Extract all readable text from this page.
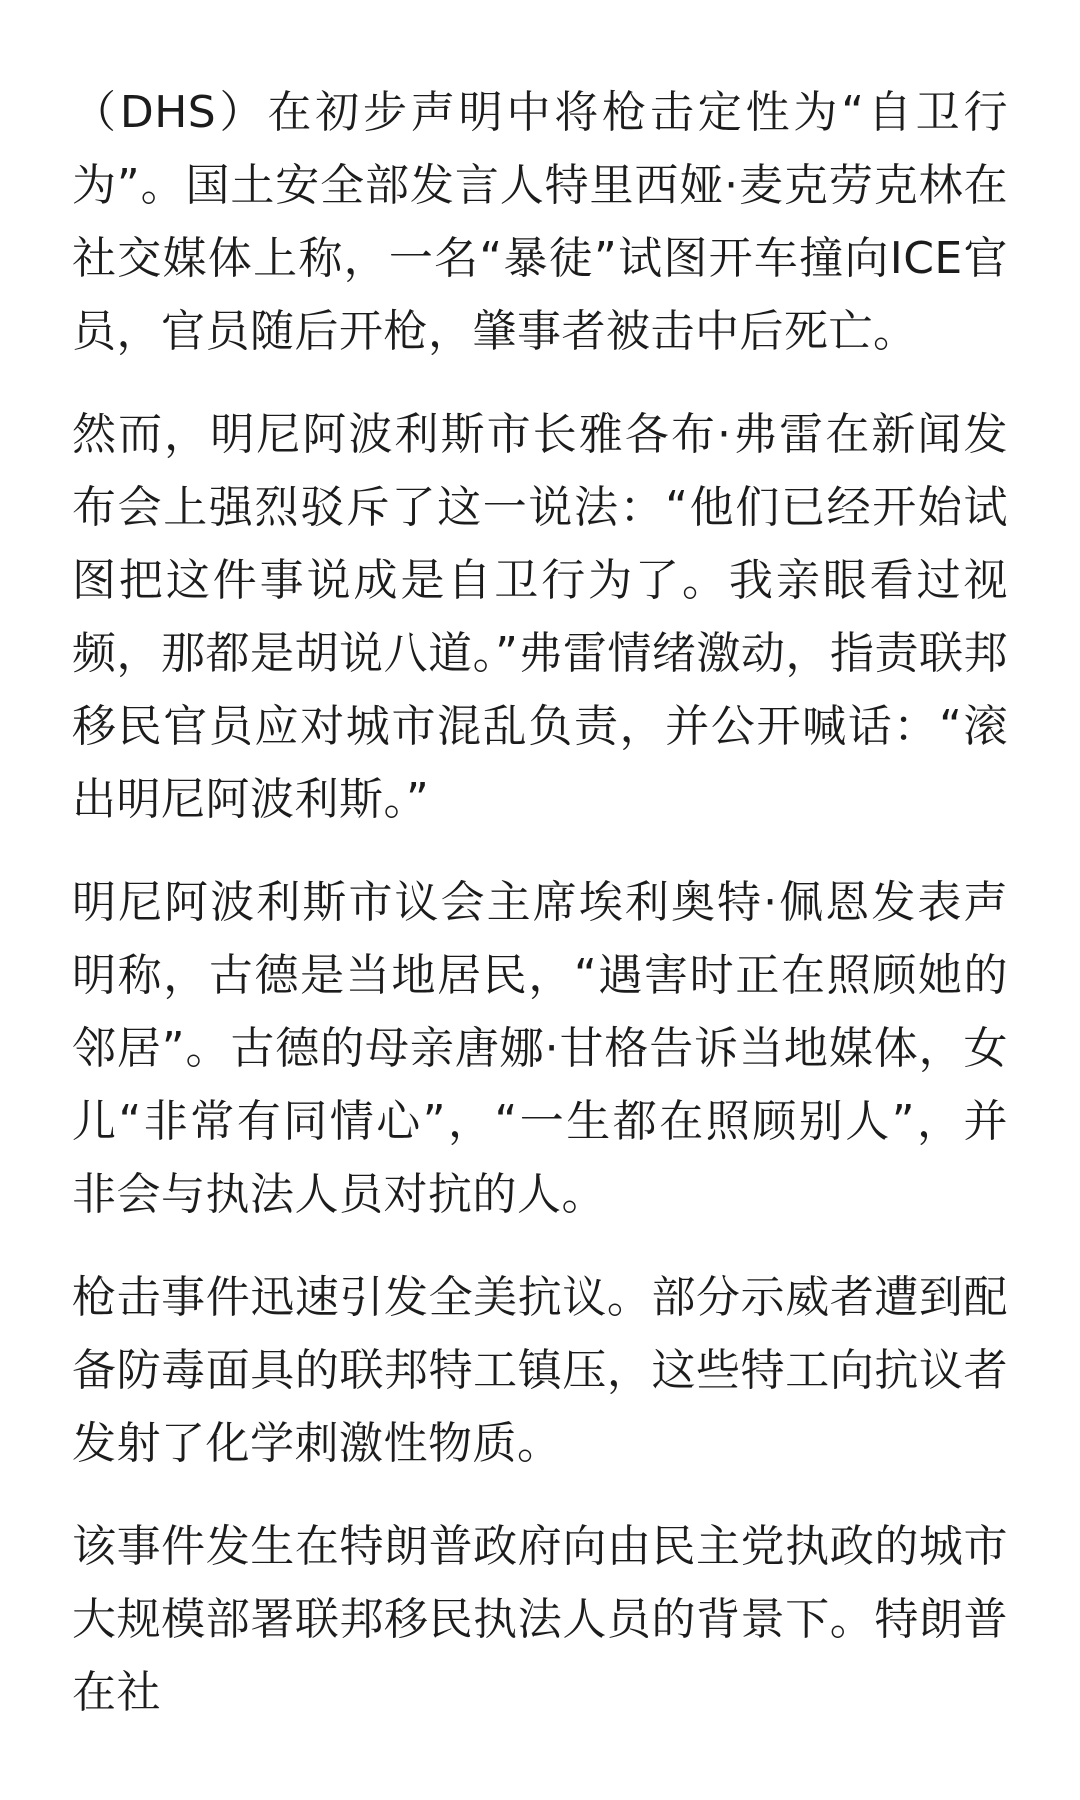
（DHS）在初步声明中将枪击定性为“自卫行为”。国土安全部发言人特里西娅·麦克劳克林在社交媒体上称，一名“暴徒”试图开车撞向ICE官员，官员随后开枪，肇事者被击中后死亡。

然而，明尼阿波利斯市长雅各布·弗雷在新闻发布会上强烈驳斥了这一说法：“他们已经开始试图把这件事说成是自卫行为了。我亲眼看过视频，那都是胡说八道。”弗雷情绪激动，指责联邦移民官员应对城市混乱负责，并公开喊话：“滚出明尼阿波利斯。”

明尼阿波利斯市议会主席埃利奥特·佩恩发表声明称，古德是当地居民，“遇害时正在照顾她的邻居”。古德的母亲唐娜·甘格告诉当地媒体，女儿“非常有同情心”，“一生都在照顾别人”，并非会与执法人员对抗的人。

枪击事件迅速引发全美抗议。部分示威者遭到配备防毒面具的联邦特工镇压，这些特工向抗议者发射了化学刺激性物质。

该事件发生在特朗普政府向由民主党执政的城市大规模部署联邦移民执法人员的背景下。特朗普在社
